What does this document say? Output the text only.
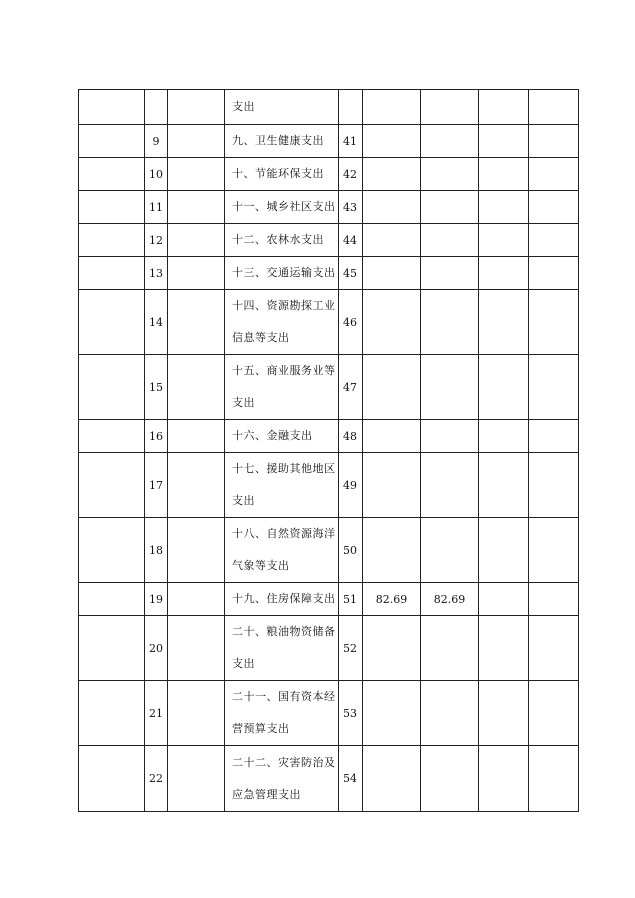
			支出					
	9		九、卫生健康支出	41				
	10		十、节能环保支出	42				
	11		十一、城乡社区支出	43				
	12		十二、农林水支出	44				
	13		十三、交通运输支出	45				
	14		十四、资源勘探工业信息等支出	46				
	15		十五、商业服务业等支出	47				
	16		十六、金融支出	48				
	17		十七、援助其他地区支出	49				
	18		十八、自然资源海洋气象等支出	50				
	19		十九、住房保障支出	51	82.69	82.69		
	20		二十、粮油物资储备支出	52				
	21		二十一、国有资本经营预算支出	53				
	22		二十二、灾害防治及应急管理支出	54				
